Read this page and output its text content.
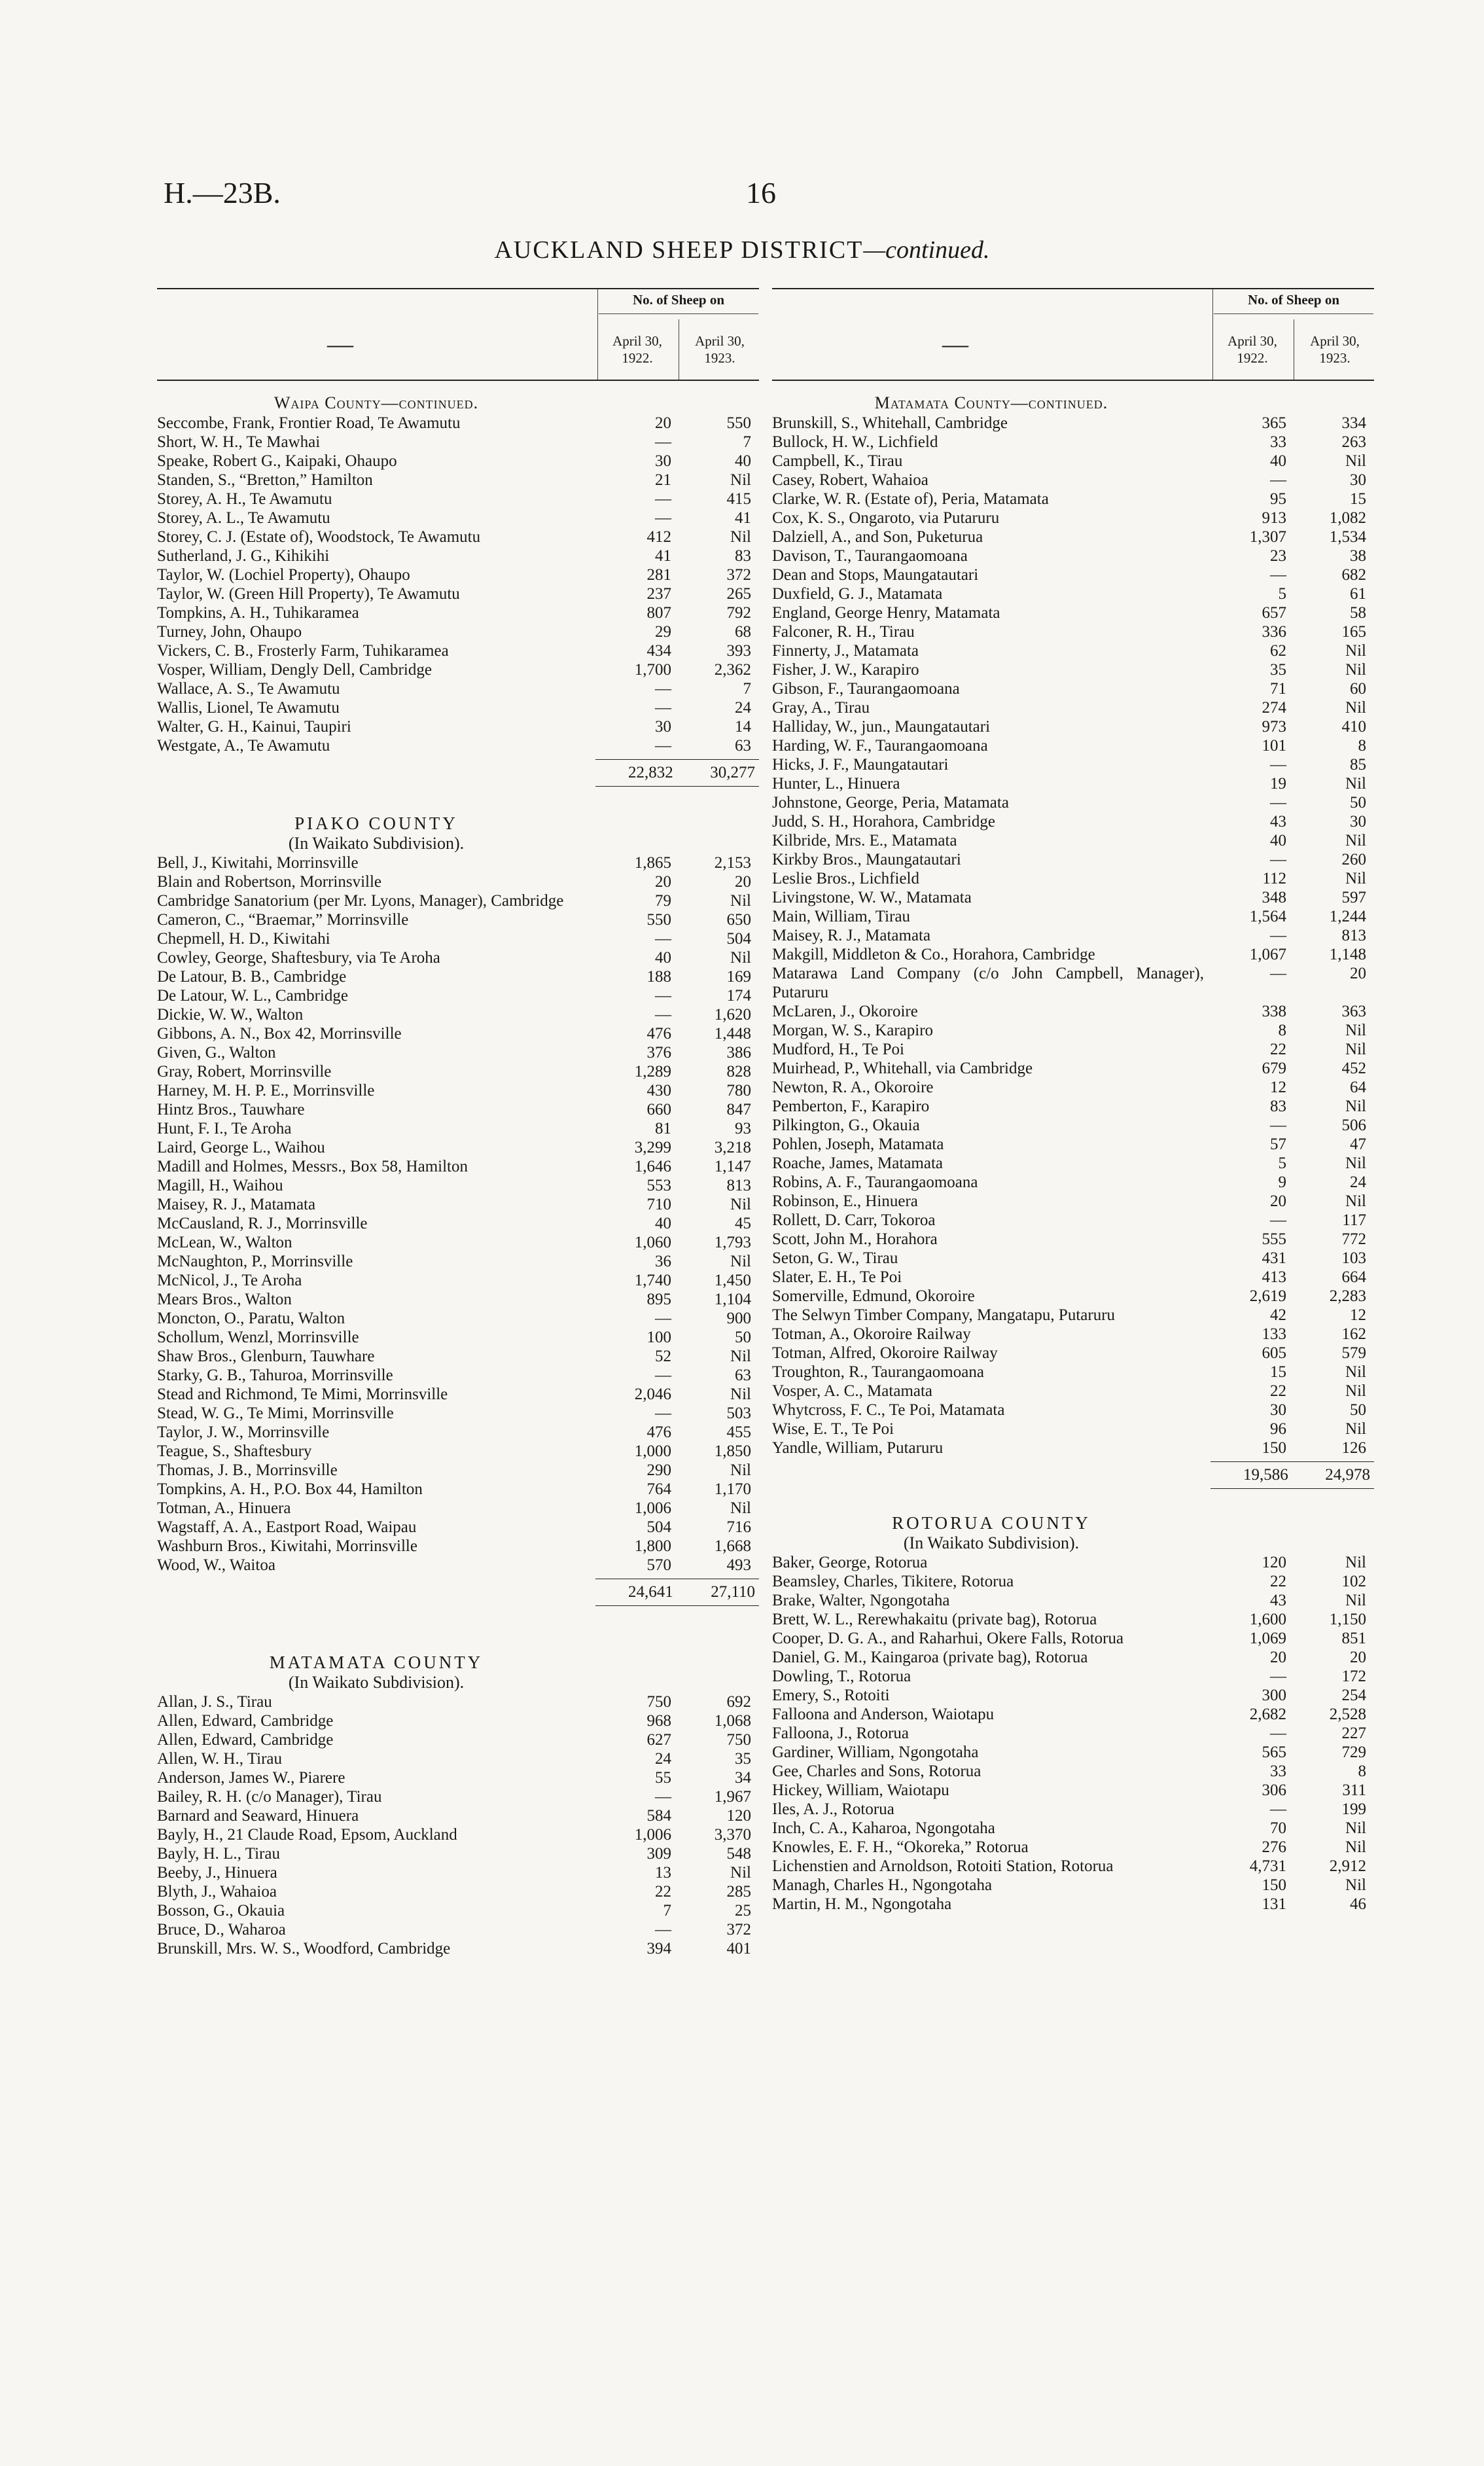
H.—23B.	16
AUCKLAND SHEEP DISTRICT—continued.
—
No. of Sheep on
April 30, 1922.
April 30, 1923.
Waipa County—continued.
Seccombe, Frank, Frontier Road, Te Awamutu	20	550
Short, W. H., Te Mawhai	—	7
Speake, Robert G., Kaipaki, Ohaupo	30	40
Standen, S., “Bretton,” Hamilton	21	Nil
Storey, A. H., Te Awamutu	—	415
Storey, A. L., Te Awamutu	—	41
Storey, C. J. (Estate of), Woodstock, Te Awamutu	412	Nil
Sutherland, J. G., Kihikihi	41	83
Taylor, W. (Lochiel Property), Ohaupo	281	372
Taylor, W. (Green Hill Property), Te Awamutu	237	265
Tompkins, A. H., Tuhikaramea	807	792
Turney, John, Ohaupo	29	68
Vickers, C. B., Frosterly Farm, Tuhikaramea	434	393
Vosper, William, Dengly Dell, Cambridge	1,700	2,362
Wallace, A. S., Te Awamutu	—	7
Wallis, Lionel, Te Awamutu	—	24
Walter, G. H., Kainui, Taupiri	30	14
Westgate, A., Te Awamutu	—	63
22,832	30,277
PIAKO COUNTY
(In Waikato Subdivision).
Bell, J., Kiwitahi, Morrinsville	1,865	2,153
Blain and Robertson, Morrinsville	20	20
Cambridge Sanatorium (per Mr. Lyons, Manager), Cambridge	79	Nil
Cameron, C., “Braemar,” Morrinsville	550	650
Chepmell, H. D., Kiwitahi	—	504
Cowley, George, Shaftesbury, via Te Aroha	40	Nil
De Latour, B. B., Cambridge	188	169
De Latour, W. L., Cambridge	—	174
Dickie, W. W., Walton	—	1,620
Gibbons, A. N., Box 42, Morrinsville	476	1,448
Given, G., Walton	376	386
Gray, Robert, Morrinsville	1,289	828
Harney, M. H. P. E., Morrinsville	430	780
Hintz Bros., Tauwhare	660	847
Hunt, F. I., Te Aroha	81	93
Laird, George L., Waihou	3,299	3,218
Madill and Holmes, Messrs., Box 58, Hamilton	1,646	1,147
Magill, H., Waihou	553	813
Maisey, R. J., Matamata	710	Nil
McCausland, R. J., Morrinsville	40	45
McLean, W., Walton	1,060	1,793
McNaughton, P., Morrinsville	36	Nil
McNicol, J., Te Aroha	1,740	1,450
Mears Bros., Walton	895	1,104
Moncton, O., Paratu, Walton	—	900
Schollum, Wenzl, Morrinsville	100	50
Shaw Bros., Glenburn, Tauwhare	52	Nil
Starky, G. B., Tahuroa, Morrinsville	—	63
Stead and Richmond, Te Mimi, Morrinsville	2,046	Nil
Stead, W. G., Te Mimi, Morrinsville	—	503
Taylor, J. W., Morrinsville	476	455
Teague, S., Shaftesbury	1,000	1,850
Thomas, J. B., Morrinsville	290	Nil
Tompkins, A. H., P.O. Box 44, Hamilton	764	1,170
Totman, A., Hinuera	1,006	Nil
Wagstaff, A. A., Eastport Road, Waipau	504	716
Washburn Bros., Kiwitahi, Morrinsville	1,800	1,668
Wood, W., Waitoa	570	493
24,641	27,110
MATAMATA COUNTY
(In Waikato Subdivision).
Allan, J. S., Tirau	750	692
Allen, Edward, Cambridge	968	1,068
Allen, Edward, Cambridge	627	750
Allen, W. H., Tirau	24	35
Anderson, James W., Piarere	55	34
Bailey, R. H. (c/o Manager), Tirau	—	1,967
Barnard and Seaward, Hinuera	584	120
Bayly, H., 21 Claude Road, Epsom, Auckland	1,006	3,370
Bayly, H. L., Tirau	309	548
Beeby, J., Hinuera	13	Nil
Blyth, J., Wahaioa	22	285
Bosson, G., Okauia	7	25
Bruce, D., Waharoa	—	372
Brunskill, Mrs. W. S., Woodford, Cambridge	394	401
—
No. of Sheep on
April 30, 1922.
April 30, 1923.
Matamata County—continued.
Brunskill, S., Whitehall, Cambridge	365	334
Bullock, H. W., Lichfield	33	263
Campbell, K., Tirau	40	Nil
Casey, Robert, Wahaioa	—	30
Clarke, W. R. (Estate of), Peria, Matamata	95	15
Cox, K. S., Ongaroto, via Putaruru	913	1,082
Dalziell, A., and Son, Puketurua	1,307	1,534
Davison, T., Taurangaomoana	23	38
Dean and Stops, Maungatautari	—	682
Duxfield, G. J., Matamata	5	61
England, George Henry, Matamata	657	58
Falconer, R. H., Tirau	336	165
Finnerty, J., Matamata	62	Nil
Fisher, J. W., Karapiro	35	Nil
Gibson, F., Taurangaomoana	71	60
Gray, A., Tirau	274	Nil
Halliday, W., jun., Maungatautari	973	410
Harding, W. F., Taurangaomoana	101	8
Hicks, J. F., Maungatautari	—	85
Hunter, L., Hinuera	19	Nil
Johnstone, George, Peria, Matamata	—	50
Judd, S. H., Horahora, Cambridge	43	30
Kilbride, Mrs. E., Matamata	40	Nil
Kirkby Bros., Maungatautari	—	260
Leslie Bros., Lichfield	112	Nil
Livingstone, W. W., Matamata	348	597
Main, William, Tirau	1,564	1,244
Maisey, R. J., Matamata	—	813
Makgill, Middleton & Co., Horahora, Cambridge	1,067	1,148
Matarawa Land Company (c/o John Campbell, Manager), Putaruru
—	20
McLaren, J., Okoroire	338	363
Morgan, W. S., Karapiro	8	Nil
Mudford, H., Te Poi	22	Nil
Muirhead, P., Whitehall, via Cambridge	679	452
Newton, R. A., Okoroire	12	64
Pemberton, F., Karapiro	83	Nil
Pilkington, G., Okauia	—	506
Pohlen, Joseph, Matamata	57	47
Roache, James, Matamata	5	Nil
Robins, A. F., Taurangaomoana	9	24
Robinson, E., Hinuera	20	Nil
Rollett, D. Carr, Tokoroa	—	117
Scott, John M., Horahora	555	772
Seton, G. W., Tirau	431	103
Slater, E. H., Te Poi	413	664
Somerville, Edmund, Okoroire	2,619	2,283
The Selwyn Timber Company, Mangatapu, Putaruru	42	12
Totman, A., Okoroire Railway	133	162
Totman, Alfred, Okoroire Railway	605	579
Troughton, R., Taurangaomoana	15	Nil
Vosper, A. C., Matamata	22	Nil
Whytcross, F. C., Te Poi, Matamata	30	50
Wise, E. T., Te Poi	96	Nil
Yandle, William, Putaruru	150	126
19,586	24,978
ROTORUA COUNTY
(In Waikato Subdivision).
Baker, George, Rotorua	120	Nil
Beamsley, Charles, Tikitere, Rotorua	22	102
Brake, Walter, Ngongotaha	43	Nil
Brett, W. L., Rerewhakaitu (private bag), Rotorua	1,600	1,150
Cooper, D. G. A., and Raharhui, Okere Falls, Rotorua	1,069	851
Daniel, G. M., Kaingaroa (private bag), Rotorua	20	20
Dowling, T., Rotorua	—	172
Emery, S., Rotoiti	300	254
Falloona and Anderson, Waiotapu	2,682	2,528
Falloona, J., Rotorua	—	227
Gardiner, William, Ngongotaha	565	729
Gee, Charles and Sons, Rotorua	33	8
Hickey, William, Waiotapu	306	311
Iles, A. J., Rotorua	—	199
Inch, C. A., Kaharoa, Ngongotaha	70	Nil
Knowles, E. F. H., “Okoreka,” Rotorua	276	Nil
Lichenstien and Arnoldson, Rotoiti Station, Rotorua	4,731	2,912
Managh, Charles H., Ngongotaha	150	Nil
Martin, H. M., Ngongotaha	131	46
